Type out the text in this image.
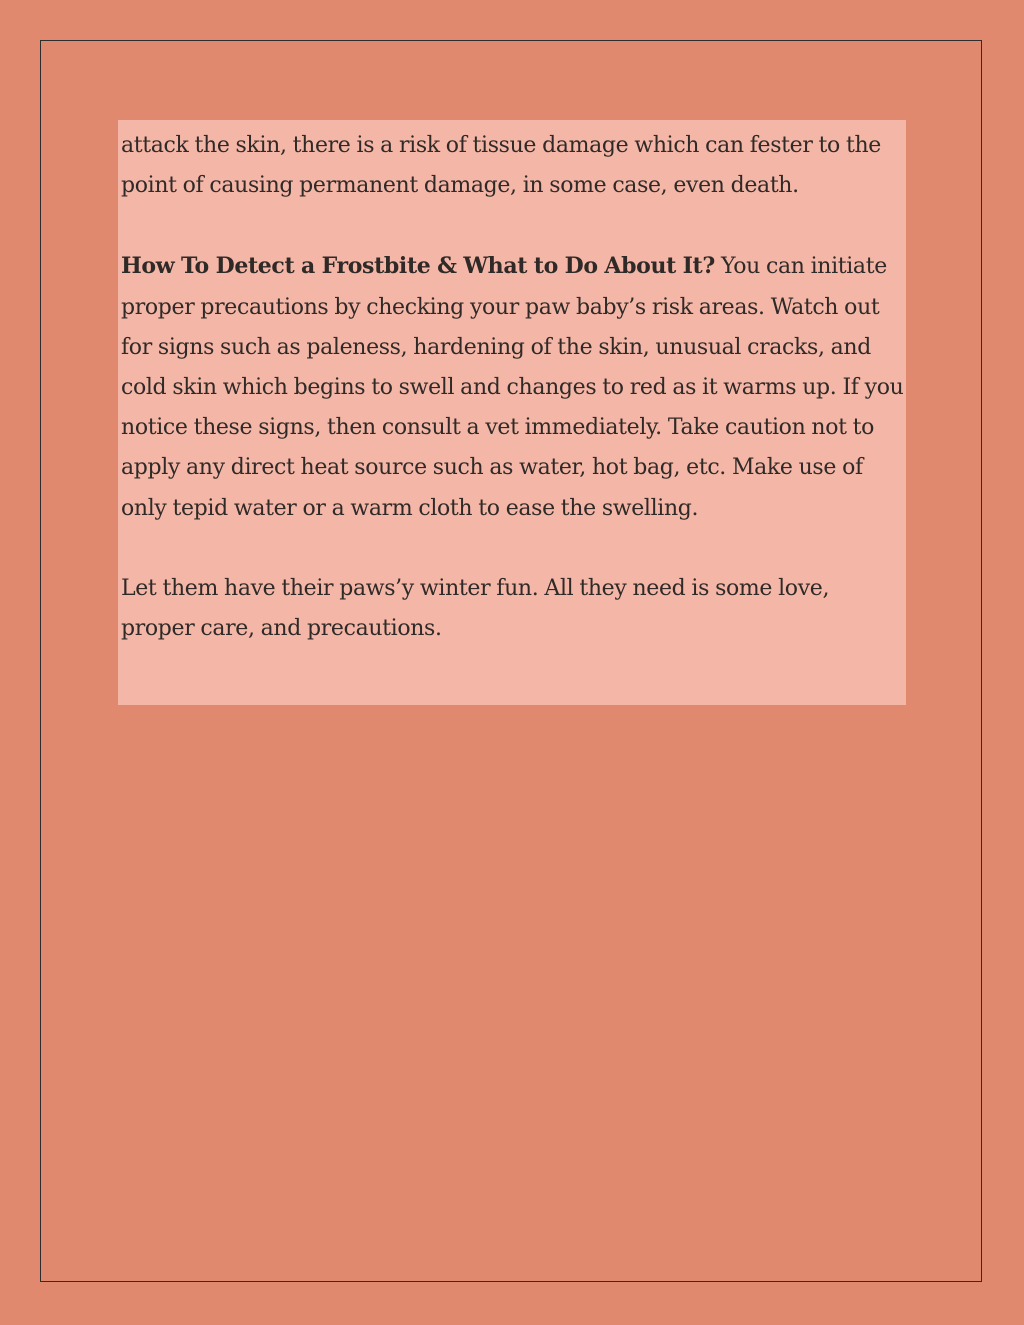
attack the skin, there is a risk of tissue damage which can fester to the point of causing permanent damage, in some case, even death.

How To Detect a Frostbite & What to Do About It? You can initiate proper precautions by checking your paw baby’s risk areas. Watch out for signs such as paleness, hardening of the skin, unusual cracks, and cold skin which begins to swell and changes to red as it warms up. If you notice these signs, then consult a vet immediately. Take caution not to apply any direct heat source such as water, hot bag, etc. Make use of only tepid water or a warm cloth to ease the swelling.

Let them have their paws’y winter fun. All they need is some love, proper care, and precautions.
